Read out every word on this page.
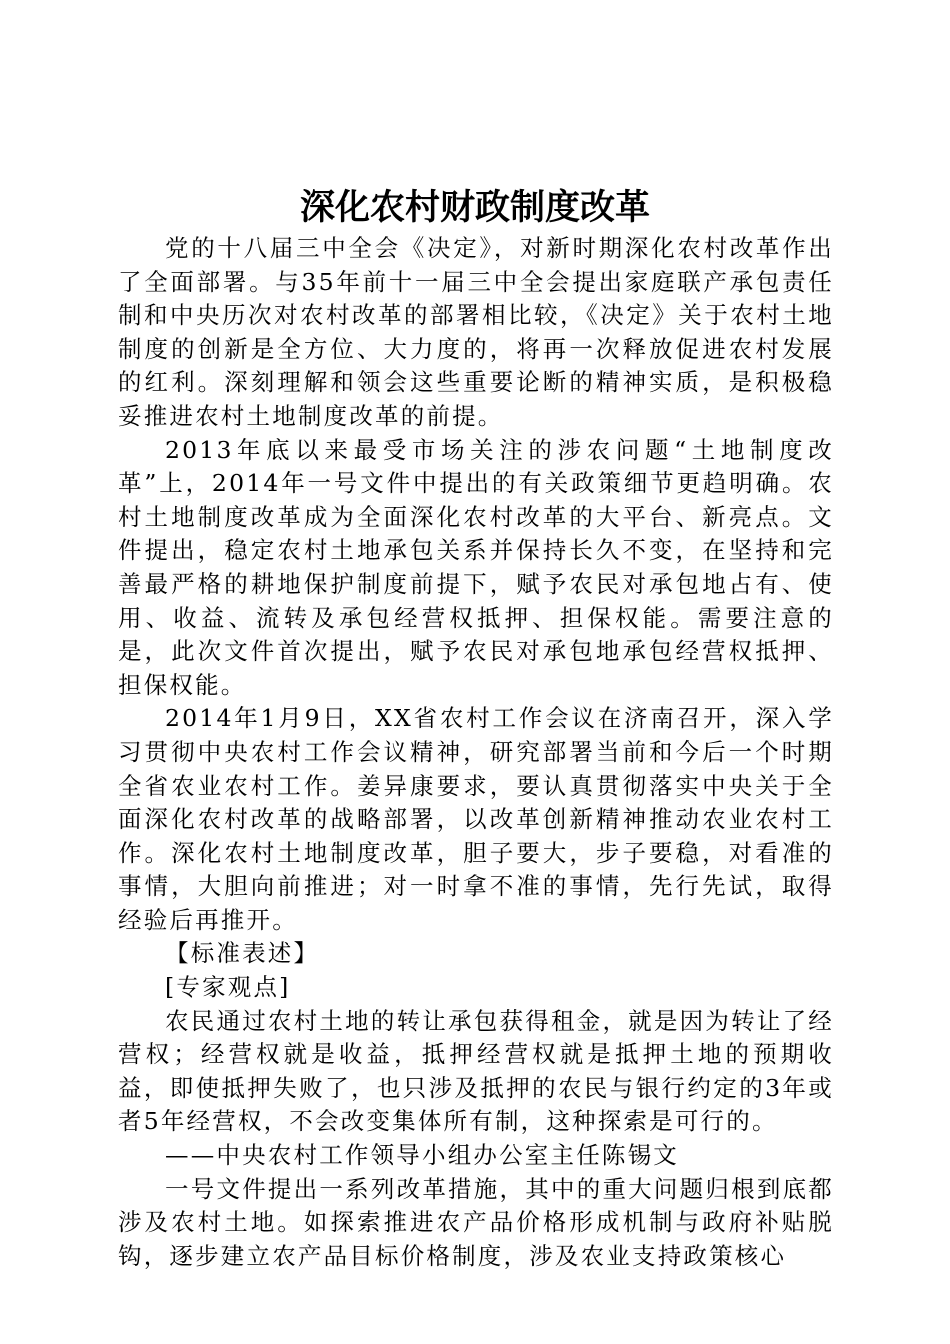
深化农村财政制度改革

党的十八届三中全会《决定》，对新时期深化农村改革作出了全面部署。与35年前十一届三中全会提出家庭联产承包责任制和中央历次对农村改革的部署相比较，《决定》关于农村土地制度的创新是全方位、大力度的，将再一次释放促进农村发展的红利。深刻理解和领会这些重要论断的精神实质，是积极稳妥推进农村土地制度改革的前提。

2013年底以来最受市场关注的涉农问题“土地制度改革”上，2014年一号文件中提出的有关政策细节更趋明确。农村土地制度改革成为全面深化农村改革的大平台、新亮点。文件提出，稳定农村土地承包关系并保持长久不变，在坚持和完善最严格的耕地保护制度前提下，赋予农民对承包地占有、使用、收益、流转及承包经营权抵押、担保权能。需要注意的是，此次文件首次提出，赋予农民对承包地承包经营权抵押、担保权能。

2014年1月9日，XX省农村工作会议在济南召开，深入学习贯彻中央农村工作会议精神，研究部署当前和今后一个时期全省农业农村工作。姜异康要求，要认真贯彻落实中央关于全面深化农村改革的战略部署，以改革创新精神推动农业农村工作。深化农村土地制度改革，胆子要大，步子要稳，对看准的事情，大胆向前推进；对一时拿不准的事情，先行先试，取得经验后再推开。

【标准表述】

[专家观点]

农民通过农村土地的转让承包获得租金，就是因为转让了经营权；经营权就是收益，抵押经营权就是抵押土地的预期收益，即使抵押失败了，也只涉及抵押的农民与银行约定的3年或者5年经营权，不会改变集体所有制，这种探索是可行的。

——中央农村工作领导小组办公室主任陈锡文

一号文件提出一系列改革措施，其中的重大问题归根到底都涉及农村土地。如探索推进农产品价格形成机制与政府补贴脱钩，逐步建立农产品目标价格制度，涉及农业支持政策核心
